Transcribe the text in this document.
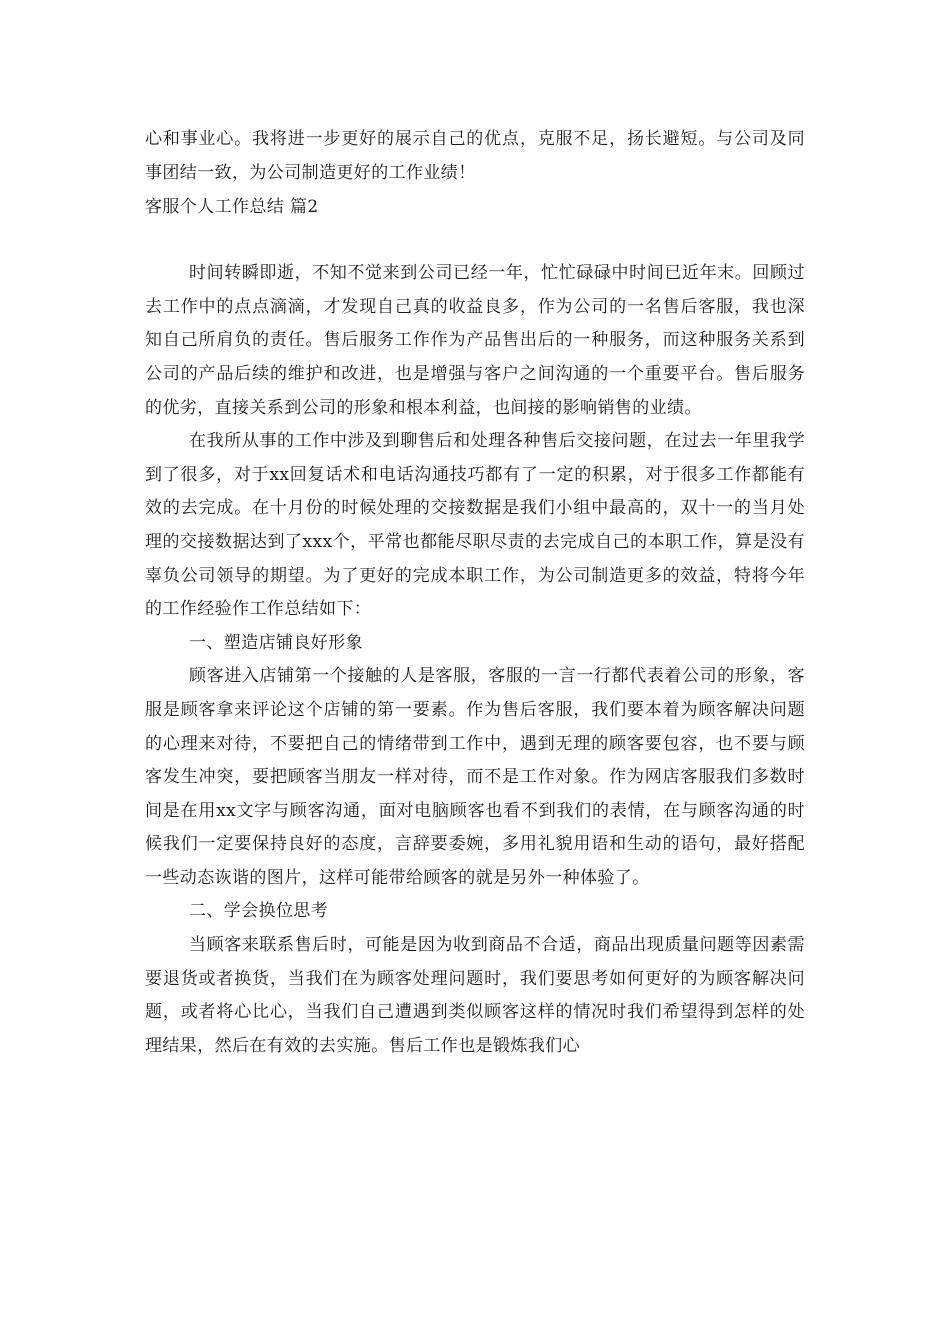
心和事业心。我将进一步更好的展示自己的优点，克服不足，扬长避短。与公司及同事团结一致，为公司制造更好的工作业绩！

客服个人工作总结 篇2

时间转瞬即逝，不知不觉来到公司已经一年，忙忙碌碌中时间已近年末。回顾过去工作中的点点滴滴，才发现自己真的收益良多，作为公司的一名售后客服，我也深知自己所肩负的责任。售后服务工作作为产品售出后的一种服务，而这种服务关系到公司的产品后续的维护和改进，也是增强与客户之间沟通的一个重要平台。售后服务的优劣，直接关系到公司的形象和根本利益，也间接的影响销售的业绩。

在我所从事的工作中涉及到聊售后和处理各种售后交接问题，在过去一年里我学到了很多，对于xx回复话术和电话沟通技巧都有了一定的积累，对于很多工作都能有效的去完成。在十月份的时候处理的交接数据是我们小组中最高的，双十一的当月处理的交接数据达到了xxx个，平常也都能尽职尽责的去完成自己的本职工作，算是没有辜负公司领导的期望。为了更好的完成本职工作，为公司制造更多的效益，特将今年的工作经验作工作总结如下：

一、塑造店铺良好形象

顾客进入店铺第一个接触的人是客服，客服的一言一行都代表着公司的形象，客服是顾客拿来评论这个店铺的第一要素。作为售后客服，我们要本着为顾客解决问题的心理来对待，不要把自己的情绪带到工作中，遇到无理的顾客要包容，也不要与顾客发生冲突，要把顾客当朋友一样对待，而不是工作对象。作为网店客服我们多数时间是在用xx文字与顾客沟通，面对电脑顾客也看不到我们的表情，在与顾客沟通的时候我们一定要保持良好的态度，言辞要委婉，多用礼貌用语和生动的语句，最好搭配一些动态诙谐的图片，这样可能带给顾客的就是另外一种体验了。

二、学会换位思考

当顾客来联系售后时，可能是因为收到商品不合适，商品出现质量问题等因素需要退货或者换货，当我们在为顾客处理问题时，我们要思考如何更好的为顾客解决问题，或者将心比心，当我们自己遭遇到类似顾客这样的情况时我们希望得到怎样的处理结果，然后在有效的去实施。售后工作也是锻炼我们心
